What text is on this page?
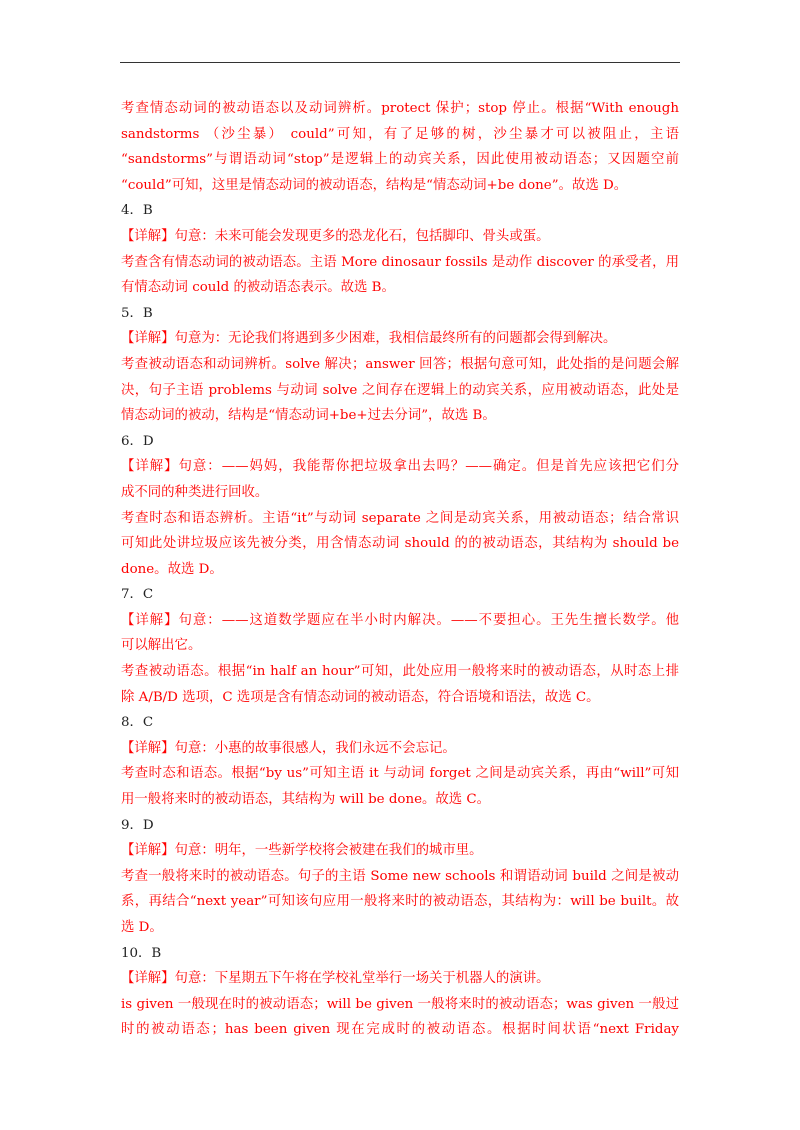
考查情态动词的被动语态以及动词辨析。protect 保护；stop 停止。根据“With enough
sandstorms （沙尘暴） could”可知，有了足够的树，沙尘暴才可以被阻止，主语
“sandstorms”与谓语动词“stop”是逻辑上的动宾关系，因此使用被动语态；又因题空前
“could”可知，这里是情态动词的被动语态，结构是“情态动词+be done”。故选 D。
4．B
【详解】句意：未来可能会发现更多的恐龙化石，包括脚印、骨头或蛋。
考查含有情态动词的被动语态。主语 More dinosaur fossils 是动作 discover 的承受者，用
有情态动词 could 的被动语态表示。故选 B。
5．B
【详解】句意为：无论我们将遇到多少困难，我相信最终所有的问题都会得到解决。
考查被动语态和动词辨析。solve 解决；answer 回答；根据句意可知，此处指的是问题会解
决，句子主语 problems 与动词 solve 之间存在逻辑上的动宾关系，应用被动语态，此处是
情态动词的被动，结构是“情态动词+be+过去分词”，故选 B。
6．D
【详解】句意：——妈妈，我能帮你把垃圾拿出去吗？——确定。但是首先应该把它们分
成不同的种类进行回收。
考查时态和语态辨析。主语“it”与动词 separate 之间是动宾关系，用被动语态；结合常识
可知此处讲垃圾应该先被分类，用含情态动词 should 的的被动语态，其结构为 should be
done。故选 D。
7．C
【详解】句意：——这道数学题应在半小时内解决。——不要担心。王先生擅长数学。他
可以解出它。
考查被动语态。根据“in half an hour”可知，此处应用一般将来时的被动语态，从时态上排
除 A/B/D 选项，C 选项是含有情态动词的被动语态，符合语境和语法，故选 C。
8．C
【详解】句意：小惠的故事很感人，我们永远不会忘记。
考查时态和语态。根据“by us”可知主语 it 与动词 forget 之间是动宾关系，再由“will”可知
用一般将来时的被动语态，其结构为 will be done。故选 C。
9．D
【详解】句意：明年，一些新学校将会被建在我们的城市里。
考查一般将来时的被动语态。句子的主语 Some new schools 和谓语动词 build 之间是被动
系，再结合“next year”可知该句应用一般将来时的被动语态，其结构为：will be built。故
选 D。
10．B
【详解】句意：下星期五下午将在学校礼堂举行一场关于机器人的演讲。
is given 一般现在时的被动语态；will be given 一般将来时的被动语态；was given 一般过
时的被动语态；has been given 现在完成时的被动语态。根据时间状语“next Friday
